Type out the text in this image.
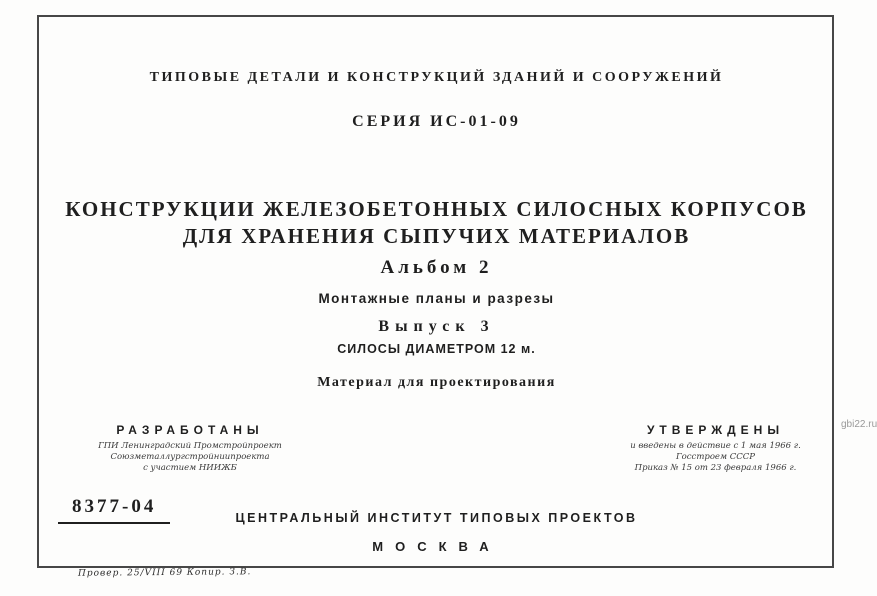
ТИПОВЫЕ ДЕТАЛИ И КОНСТРУКЦИЙ ЗДАНИЙ И СООРУЖЕНИЙ
СЕРИЯ ИС-01-09
КОНСТРУКЦИИ ЖЕЛЕЗОБЕТОННЫХ СИЛОСНЫХ КОРПУСОВ
ДЛЯ ХРАНЕНИЯ СЫПУЧИХ МАТЕРИАЛОВ
Альбом 2
Монтажные планы и разрезы
Выпуск 3
СИЛОСЫ ДИАМЕТРОМ 12 м.
Материал для проектирования
РАЗРАБОТАНЫ
ГПИ Ленинградский Промстройпроект
Союзметаллургстройниипроекта
с участием НИИЖБ
УТВЕРЖДЕНЫ
и введены в действие с 1 мая 1966 г.
Госстроем СССР
Приказ № 15 от 23 февраля 1966 г.
8377-04
ЦЕНТРАЛЬНЫЙ ИНСТИТУТ ТИПОВЫХ ПРОЕКТОВ
МОСКВА
gbi22.ru
Провер. 25/VIII 69 Копир. З.В.
